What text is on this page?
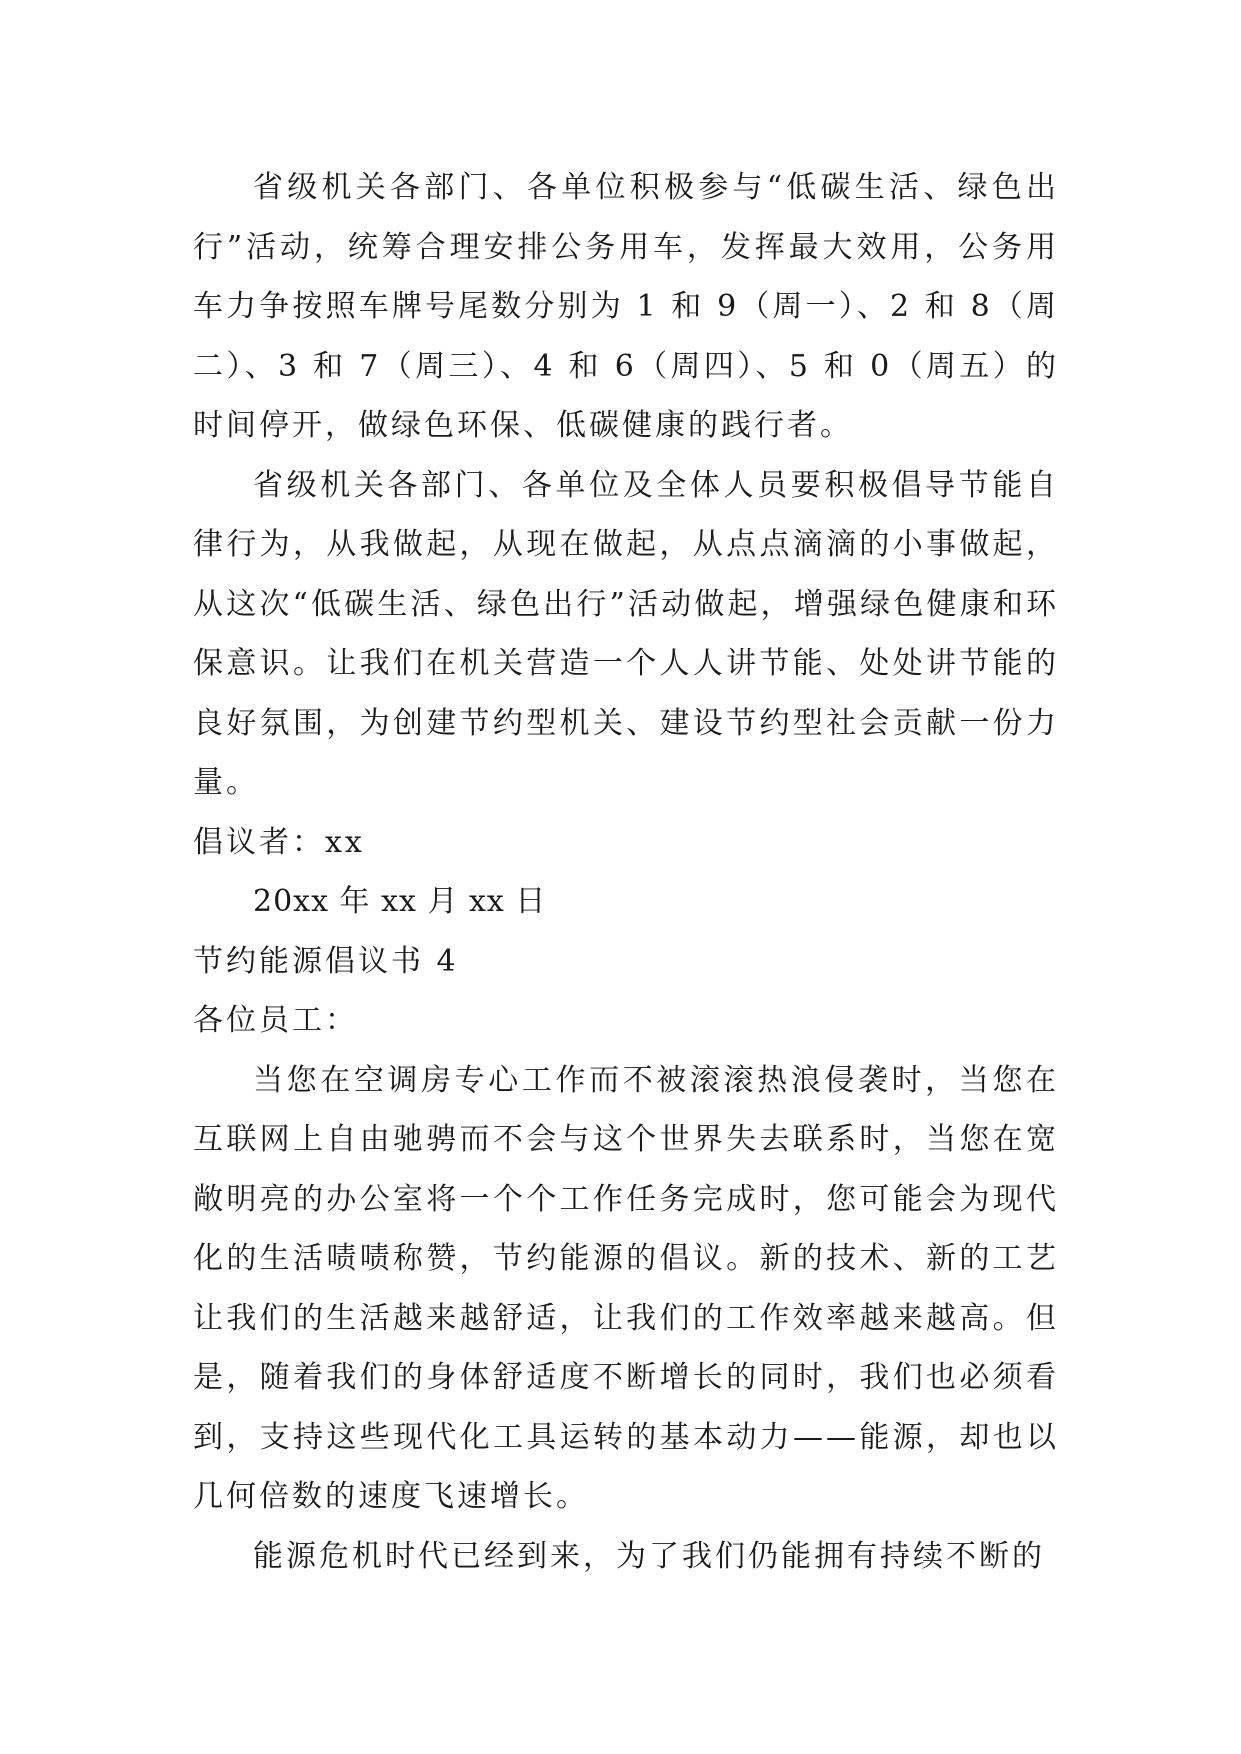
省级机关各部门、各单位积极参与“低碳生活、绿色出行”活动，统筹合理安排公务用车，发挥最大效用，公务用车力争按照车牌号尾数分别为 1 和 9（周一）、2 和 8（周二）、3 和 7（周三）、4 和 6（周四）、5 和 0（周五）的时间停开，做绿色环保、低碳健康的践行者。

省级机关各部门、各单位及全体人员要积极倡导节能自律行为，从我做起，从现在做起，从点点滴滴的小事做起，从这次“低碳生活、绿色出行”活动做起，增强绿色健康和环保意识。让我们在机关营造一个人人讲节能、处处讲节能的良好氛围，为创建节约型机关、建设节约型社会贡献一份力量。

倡议者：xx

20xx 年 xx 月 xx 日

节约能源倡议书 4

各位员工：

当您在空调房专心工作而不被滚滚热浪侵袭时，当您在互联网上自由驰骋而不会与这个世界失去联系时，当您在宽敞明亮的办公室将一个个工作任务完成时，您可能会为现代化的生活啧啧称赞，节约能源的倡议。新的技术、新的工艺让我们的生活越来越舒适，让我们的工作效率越来越高。但是，随着我们的身体舒适度不断增长的同时，我们也必须看到，支持这些现代化工具运转的基本动力——能源，却也以几何倍数的速度飞速增长。

能源危机时代已经到来，为了我们仍能拥有持续不断的
